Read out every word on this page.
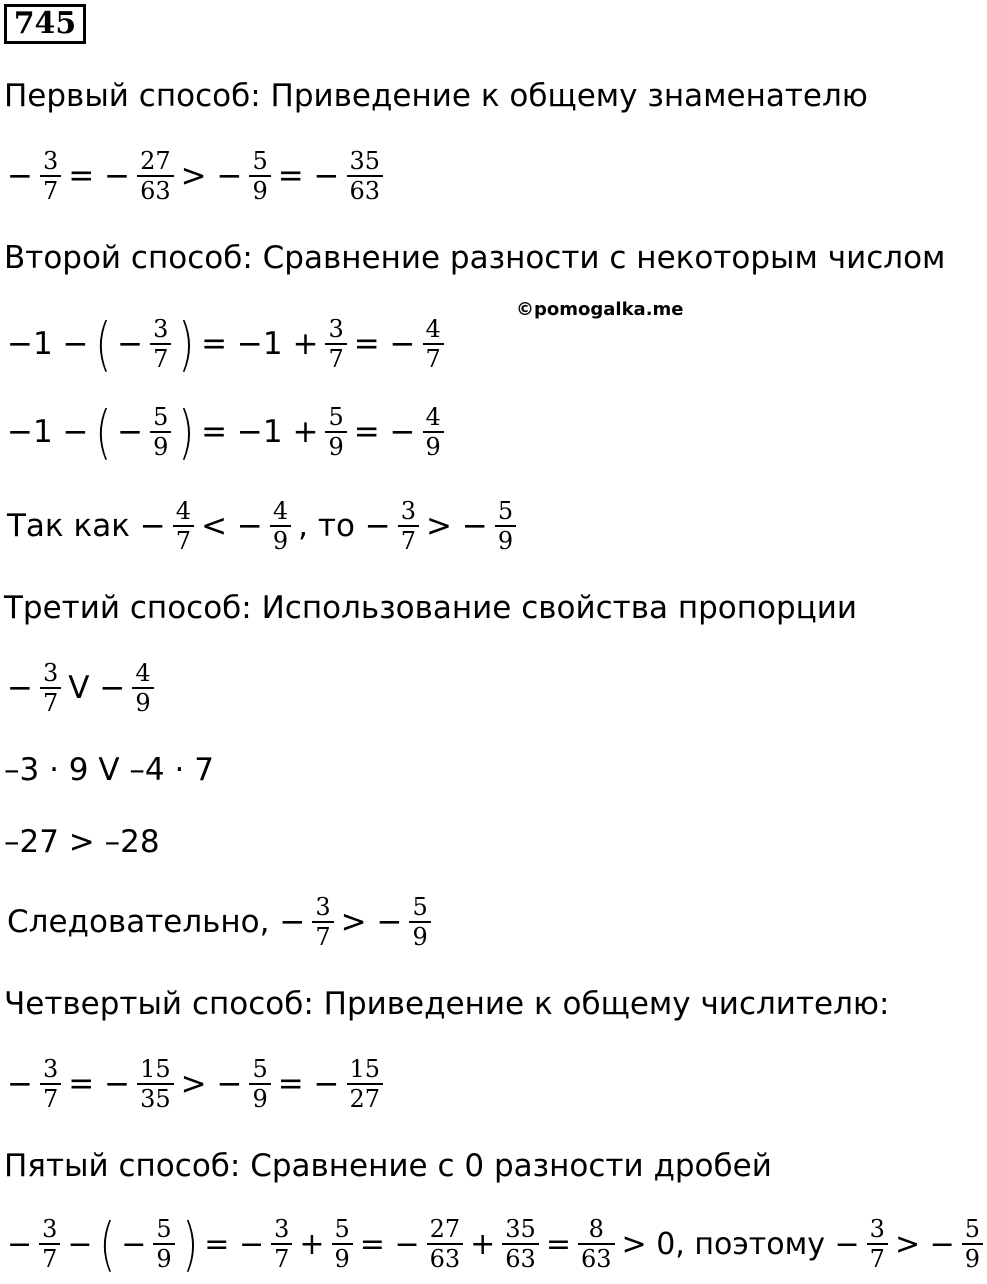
745
Первый способ: Приведение к общему знаменателю
− $\frac{3}{7}$ = − $\frac{27}{63}$ > − $\frac{5}{9}$ = − $\frac{35}{63}$
Второй способ: Сравнение разности с некоторым числом
©pomogalka.me
−1 − ( − $\frac{3}{7}$ ) = $-1 + \frac{3}{7}$ = − $\frac{4}{7}$
−1 − ( − $\frac{5}{9}$ ) = $-1 + \frac{5}{9}$ = − $\frac{4}{9}$
Так как − $\frac{4}{7}$ < − $\frac{4}{9}$ , то − $\frac{3}{7}$ > − $\frac{5}{9}$
Третий способ: Использование свойства пропорции
− $\frac{3}{7}$ $V - \frac{4}{9}$
–3 · 9 V –4 · 7
–27 > –28
Следовательно, − $\frac{3}{7}$ > − $\frac{5}{9}$
Четвертый способ: Приведение к общему числителю:
− $\frac{3}{7}$ = − $\frac{15}{35}$ > − $\frac{5}{9}$ = − $\frac{15}{27}$
Пятый способ: Сравнение с 0 разности дробей
− $\frac{3}{7}$ − ( − $\frac{5}{9}$ ) = − $\frac{3}{7} + \frac{5}{9}$ = − $\frac{27}{63} + \frac{35}{63} = \frac{8}{63} > 0$, поэтому − $\frac{3}{7}$ > − $\frac{5}{9}$
